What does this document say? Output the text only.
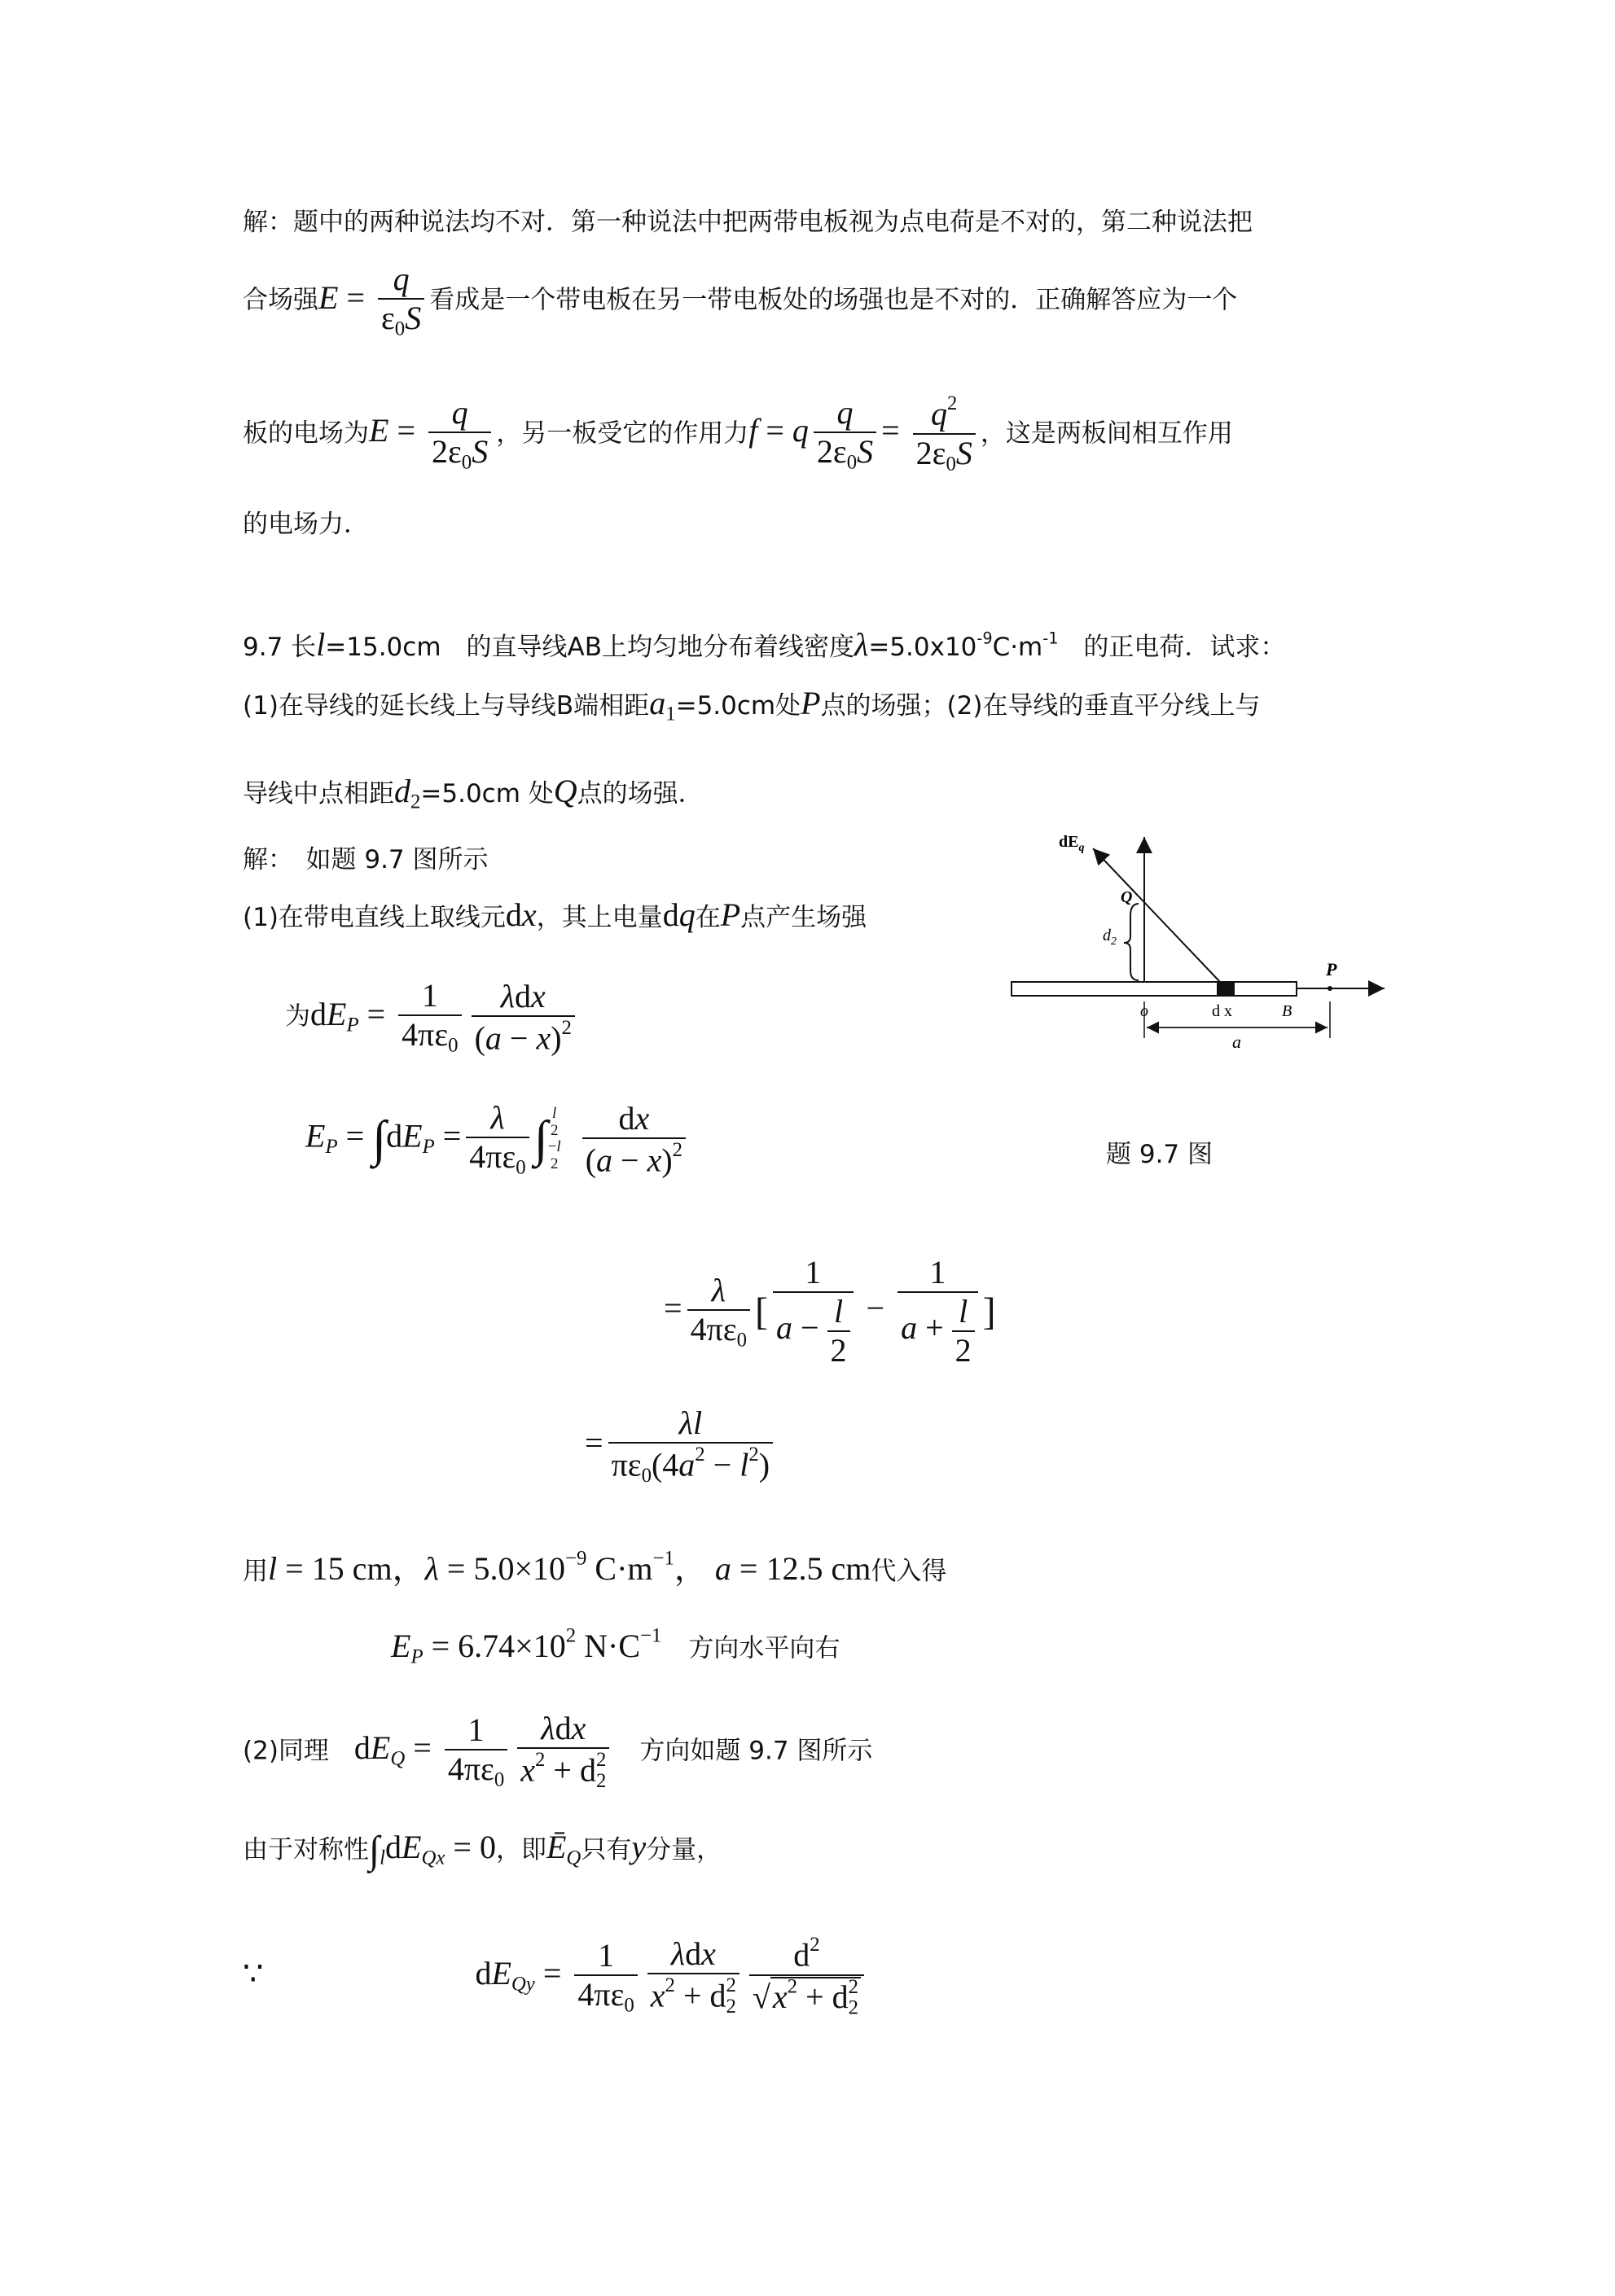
解：题中的两种说法均不对．第一种说法中把两带电板视为点电荷是不对的，第二种说法把
合场强$E = \frac{q}{\varepsilon_0S}$ 看成是一个带电板在另一带电板处的场强也是不对的．正确解答应为一个
板的电场为$E = \frac{q}{2\varepsilon_0S}$ ，另一板受它的作用力f = q $\frac{q}{2\varepsilon_0S} = \frac{q^2}{2\varepsilon_0S}$ ，这是两板间相互作用
的电场力．
9.7 长l=15.0cm　的直导线AB上均匀地分布着线密度$\lambda=5.0x10^{-9}C\cdot m^{-1}$　的正电荷．试求：
(1)在导线的延长线上与导线B端相距$a_1=5.0cm$处P点的场强；(2)在导线的垂直平分线上与
导线中点相距$d_2=5.0cm$ 处Q点的场强．
解：　如题 9.7 图所示
(1)在带电直线上取线元dx，其上电量dq在P点产生场强
为$dE_P = \frac{1}{4\pi\varepsilon_0} \frac{\text{λdx}}{(a - x)^2}$
$E_P = \int dE_P = \frac{\lambda}{4\pi\varepsilon_0}$ ∫ l
2
−l
$2 \frac{dx}{(a - x)^2}$
= $\frac{\lambda}{4\pi\varepsilon_0}$ [ $\frac{1}{a - \frac{l}{2}} - \frac{1}{a + \frac{l}{2}}$ ]
= $\frac{\lambda l}{\pi\varepsilon_0(4a^2 - l^2)}$
用l = 15 cm，$\lambda = 5.0\times 10^{-9}$ $C\cdot m^{-1}$， a = 12.5 cm代入得
$E_P = 6.74\times 10^2$ $N\cdot C^{-1}$　 方向水平向右
(2)同理　 $dE_Q = \frac{1}{4\pi\varepsilon_0} \frac{\text{λdx}}{x^2 + d_2^2}$
　 方向如题 9.7 图所示
由于对称性$\int_ldE_{Qx} = 0$，即$Ē_Q$只有y分量，
∵	$dE_{Qy} = \frac{1}{4\pi\varepsilon_0} \frac{\text{λdx}}{x^2 + d_2^2} \frac{d^2}{√x^2 + d_2^2}$
$dE_q$
Q
$d_2$
P
o	d x	B
a
题 9.7 图
